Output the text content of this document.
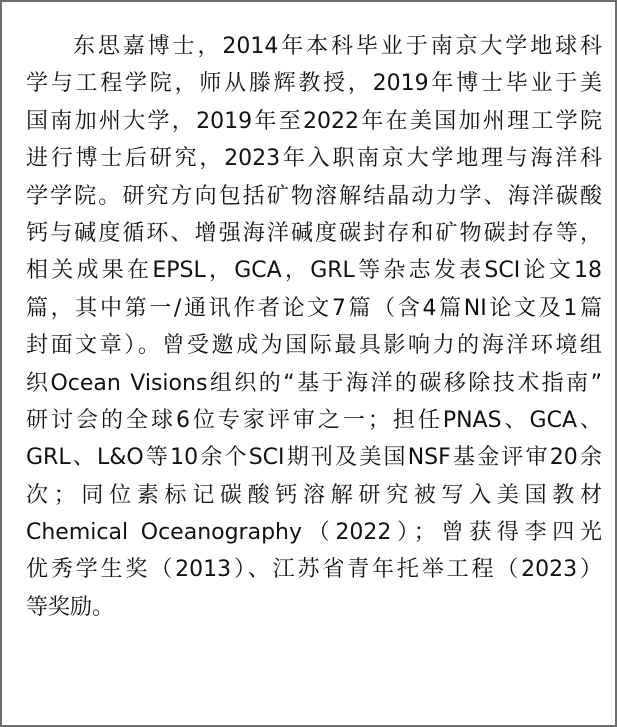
东思嘉博士，2014年本科毕业于南京大学地球科
学与工程学院，师从滕辉教授，2019年博士毕业于美
国南加州大学，2019年至2022年在美国加州理工学院
进行博士后研究，2023年入职南京大学地理与海洋科
学学院。研究方向包括矿物溶解结晶动力学、海洋碳酸
钙与碱度循环、增强海洋碱度碳封存和矿物碳封存等，
相关成果在EPSL，GCA，GRL等杂志发表SCI论文18
篇，其中第一/通讯作者论文7篇（含4篇NI论文及1篇
封面文章）。曾受邀成为国际最具影响力的海洋环境组
织Ocean Visions组织的“基于海洋的碳移除技术指南”
研讨会的全球6位专家评审之一；担任PNAS、GCA、
GRL、L&O等10余个SCI期刊及美国NSF基金评审20余
次；同位素标记碳酸钙溶解研究被写入美国教材
Chemical Oceanography（2022）；曾获得李四光
优秀学生奖（2013）、江苏省青年托举工程（2023）
等奖励。
